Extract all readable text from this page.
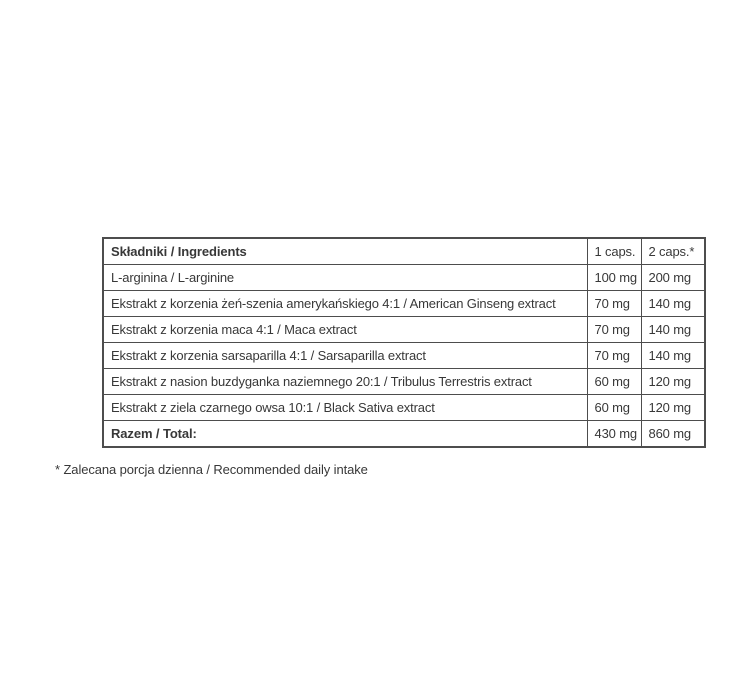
Składniki / Ingredients	1 caps.	2 caps.*
L-arginina / L-arginine	100 mg	200 mg
Ekstrakt z korzenia żeń-szenia amerykańskiego 4:1 / American Ginseng extract	70 mg	140 mg
Ekstrakt z korzenia maca 4:1 / Maca extract	70 mg	140 mg
Ekstrakt z korzenia sarsaparilla 4:1 / Sarsaparilla extract	70 mg	140 mg
Ekstrakt z nasion buzdyganka naziemnego 20:1 / Tribulus Terrestris extract	60 mg	120 mg
Ekstrakt z ziela czarnego owsa 10:1 / Black Sativa extract	60 mg	120 mg
Razem / Total:	430 mg	860 mg
* Zalecana porcja dzienna / Recommended daily intake
